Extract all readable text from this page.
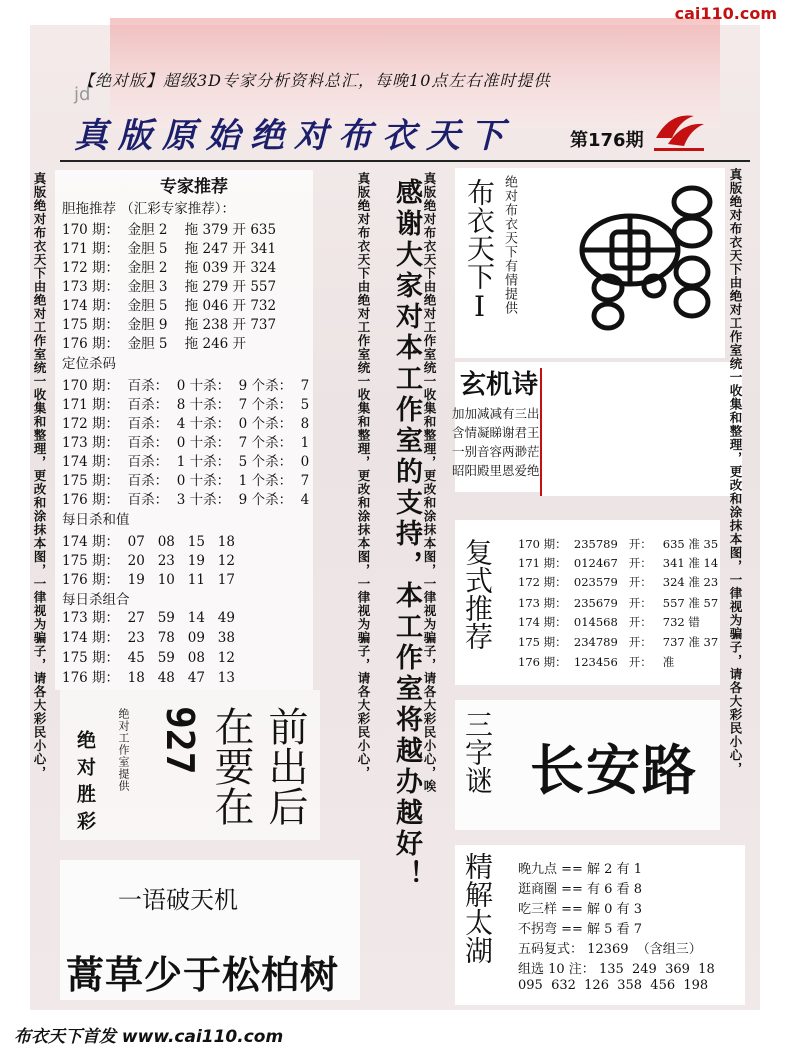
cai110.com
【绝对版】超级3D专家分析资料总汇，每晚10点左右准时提供
jd
真版原始绝对布衣天下	第176期
真版绝对布衣天下由绝对工作室统一收集和整理，更改和涂抹本图，一律视为骗子，请各大彩民小心，	专家推荐
胆拖推荐 （汇彩专家推荐）：
170 期：  金胆 2    拖 379 开 635
171 期：  金胆 5    拖 247 开 341
172 期：  金胆 2    拖 039 开 324
173 期：  金胆 3    拖 279 开 557
174 期：  金胆 5    拖 046 开 732
175 期：  金胆 9    拖 238 开 737
176 期：  金胆 5    拖 246 开
定位杀码
170 期：  百杀：  0 十杀：  9 个杀：  7
171 期：  百杀：  8 十杀：  7 个杀：  5
172 期：  百杀：  4 十杀：  0 个杀：  8
173 期：  百杀：  0 十杀：  7 个杀：  1
174 期：  百杀：  1 十杀：  5 个杀：  0
175 期：  百杀：  0 十杀：  1 个杀：  7
176 期：  百杀：  3 十杀：  9 个杀：  4
每日杀和值
174 期：  07   08   15   18
175 期：  20   23   19   12
176 期：  19   10   11   17
每日杀组合
173 期：  27   59   14   49
174 期：  23   78   09   38
175 期：  45   59   08   12
176 期：  18   48   47   13	真版绝对布衣天下由绝对工作室统一收集和整理，更改和涂抹本图，一律视为骗子，请各大彩民小心， 感谢大家对本工作室的支持，本工作室将越办越好！ 真版绝对布衣天下由绝对工作室统一收集和整理，更改和涂抹本图，一律视为骗子，请各大彩民小心，唉 布衣天下Ⅰ 绝对布衣天下有情提供
玄机诗
加加减减有三出
含情凝睇谢君王
一别音容两渺茫
昭阳殿里恩爱绝
复式推荐 170 期：  235789   开：   635 准 35
171 期：  012467   开：   341 准 14
172 期：  023579   开：   324 准 23
173 期：  235679   开：   557 准 57
174 期：  014568   开：   732 错
175 期：  234789   开：   737 准 37
176 期：  123456   开：   准
三字谜 长安路 真版绝对布衣天下由绝对工作室统一收集和整理，更改和涂抹本图，一律视为骗子，请各大彩民小心，
绝对胜彩 绝对工作室提供 927 在要在 前出后
一语破天机
蒿草少于松柏树
精解太湖 晚九点 == 解 2 有 1
逛商圈 == 有 6 看 8
吃三样 == 解 0 有 3
不拐弯 == 解 5 看 7
五码复式： 12369  （含组三）
组选 10 注： 135  249  369  18
095  632  126  358  456  198
布衣天下首发 www.cai110.com
